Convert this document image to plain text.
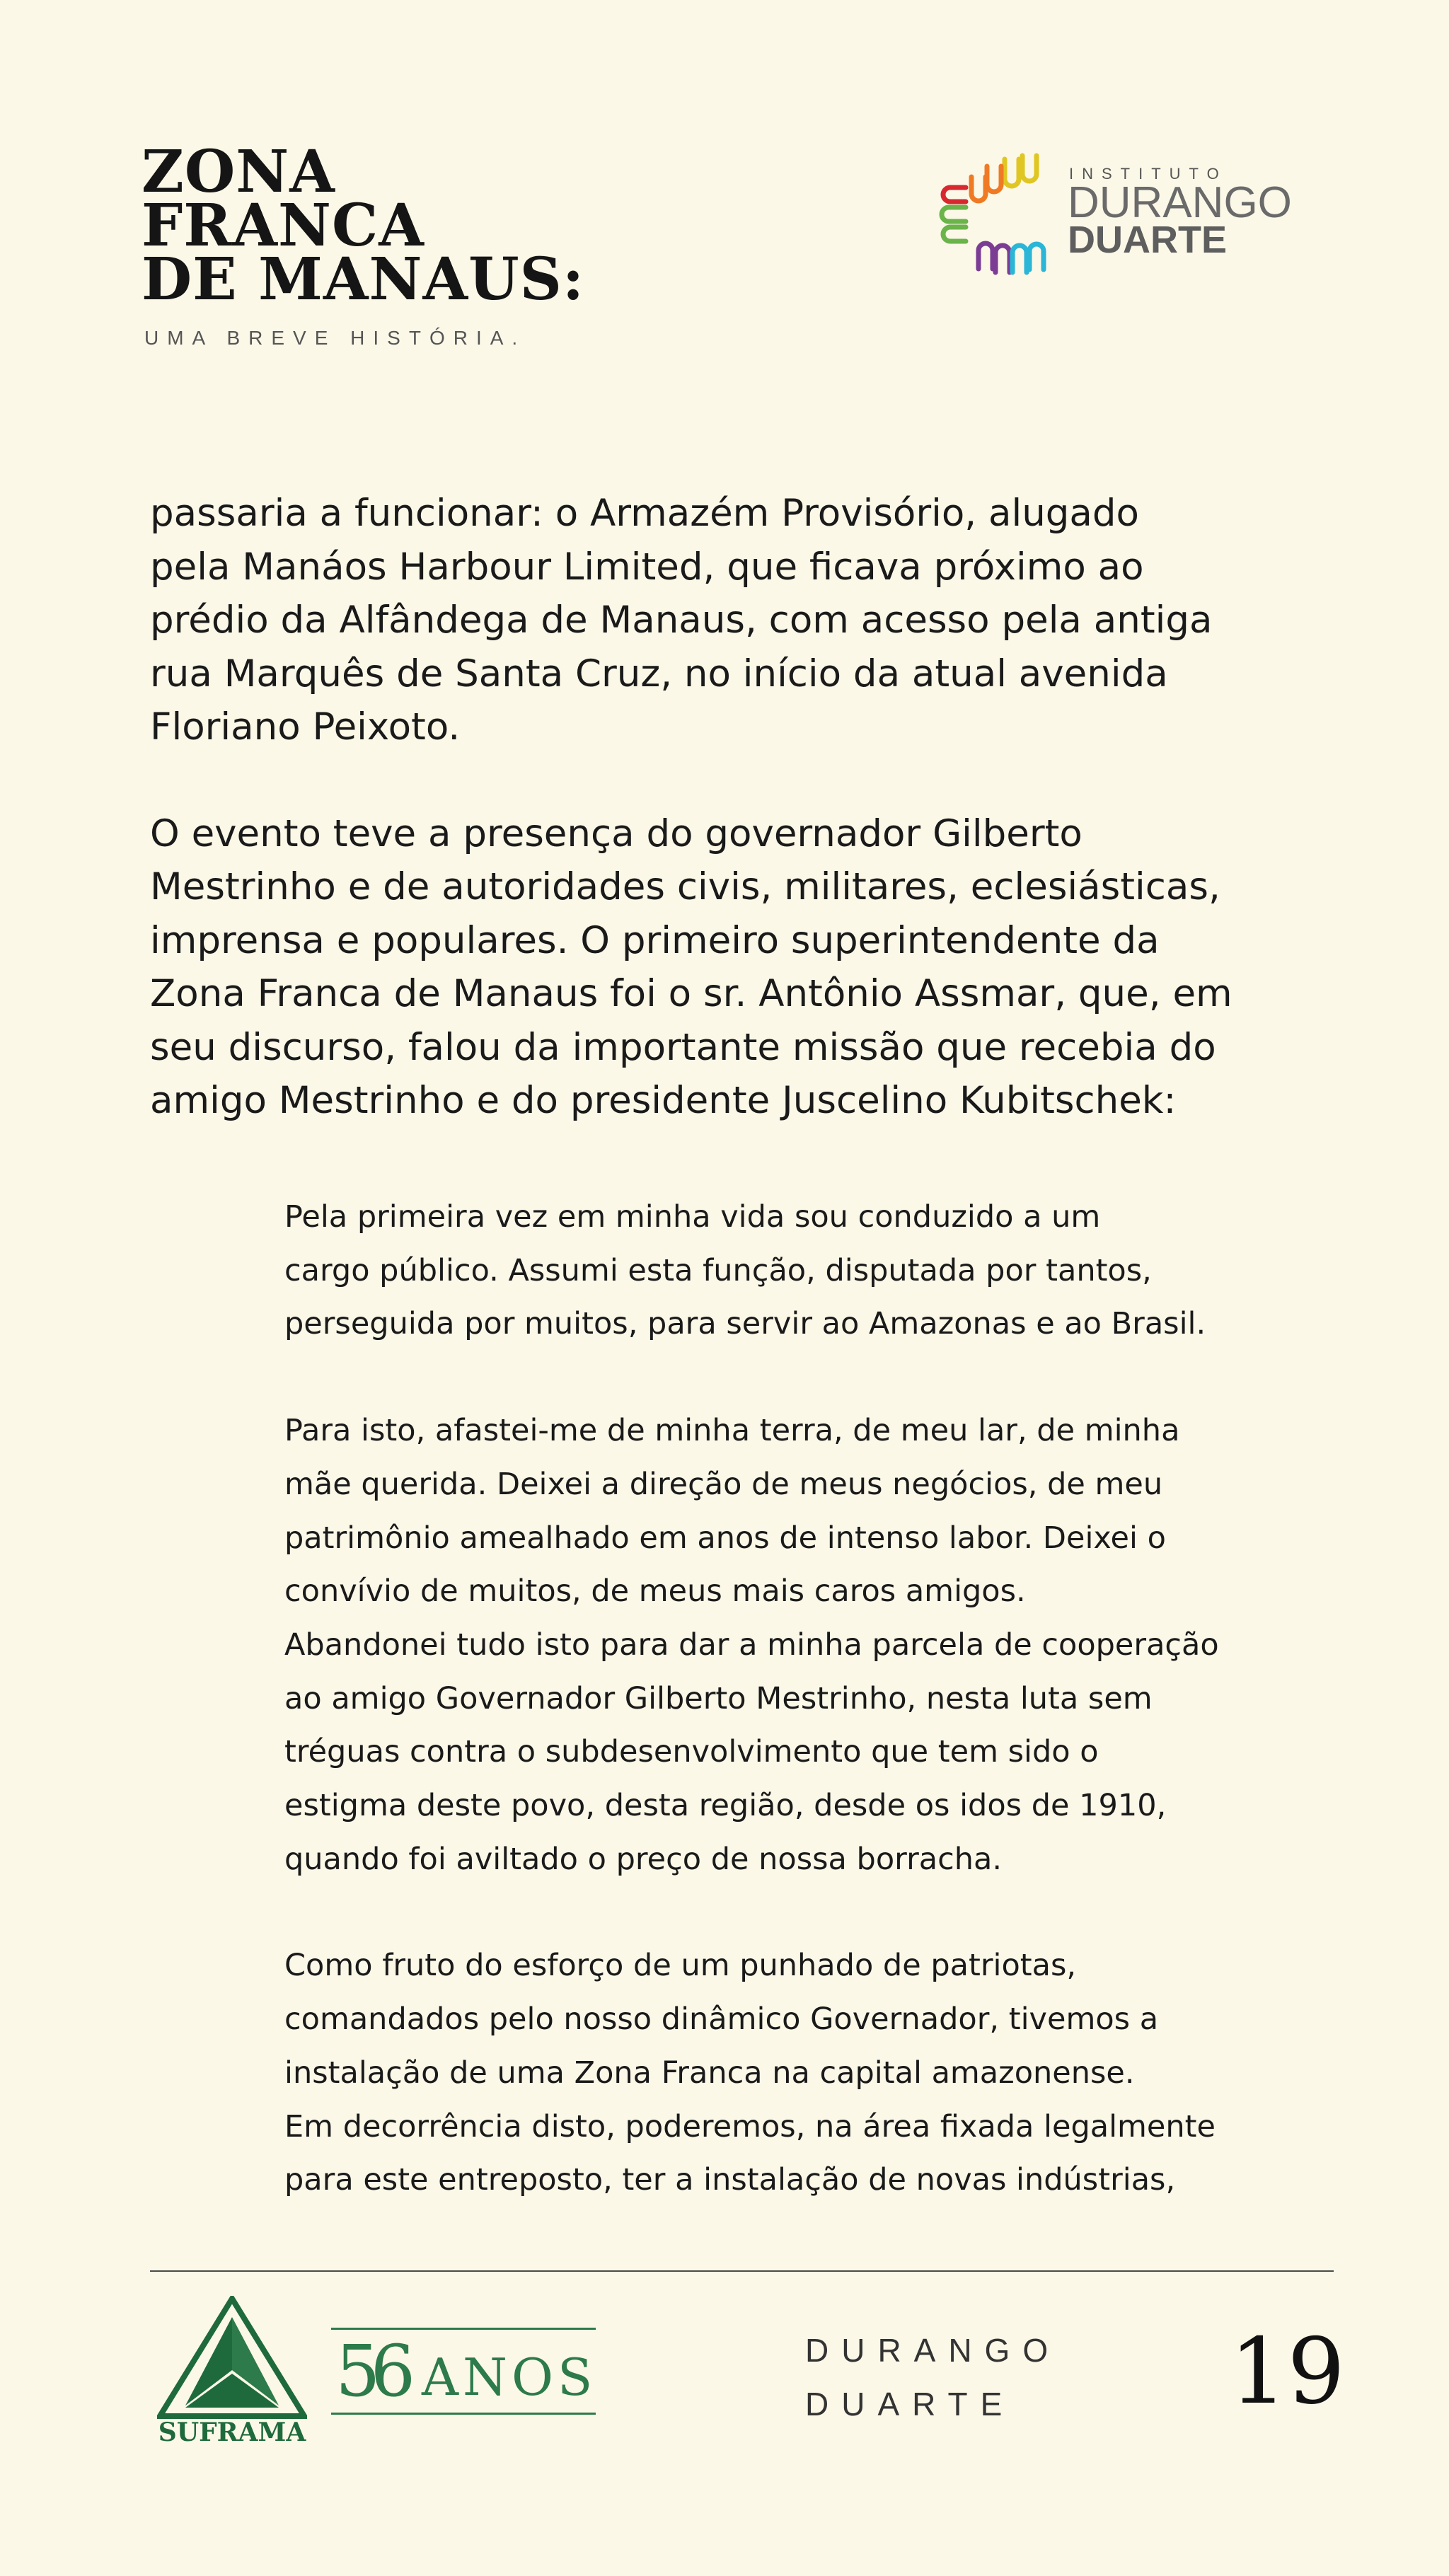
ZONA
FRANCA
DE MANAUS:
UMA BREVE HISTÓRIA.
INSTITUTO
DURANGO
DUARTE
passaria a funcionar: o Armazém Provisório, alugado
pela Manáos Harbour Limited, que ficava próximo ao
prédio da Alfândega de Manaus, com acesso pela antiga
rua Marquês de Santa Cruz, no início da atual avenida
Floriano Peixoto.
O evento teve a presença do governador Gilberto
Mestrinho e de autoridades civis, militares, eclesiásticas,
imprensa e populares. O primeiro superintendente da
Zona Franca de Manaus foi o sr. Antônio Assmar, que, em
seu discurso, falou da importante missão que recebia do
amigo Mestrinho e do presidente Juscelino Kubitschek:
Pela primeira vez em minha vida sou conduzido a um
cargo público. Assumi esta função, disputada por tantos,
perseguida por muitos, para servir ao Amazonas e ao Brasil.
Para isto, afastei-me de minha terra, de meu lar, de minha
mãe querida. Deixei a direção de meus negócios, de meu
patrimônio amealhado em anos de intenso labor. Deixei o
convívio de muitos, de meus mais caros amigos.
Abandonei tudo isto para dar a minha parcela de cooperação
ao amigo Governador Gilberto Mestrinho, nesta luta sem
tréguas contra o subdesenvolvimento que tem sido o
estigma deste povo, desta região, desde os idos de 1910,
quando foi aviltado o preço de nossa borracha.
Como fruto do esforço de um punhado de patriotas,
comandados pelo nosso dinâmico Governador, tivemos a
instalação de uma Zona Franca na capital amazonense.
Em decorrência disto, poderemos, na área fixada legalmente
para este entreposto, ter a instalação de novas indústrias,
SUFRAMA
56 ANOS	DURANGO
DUARTE	19
